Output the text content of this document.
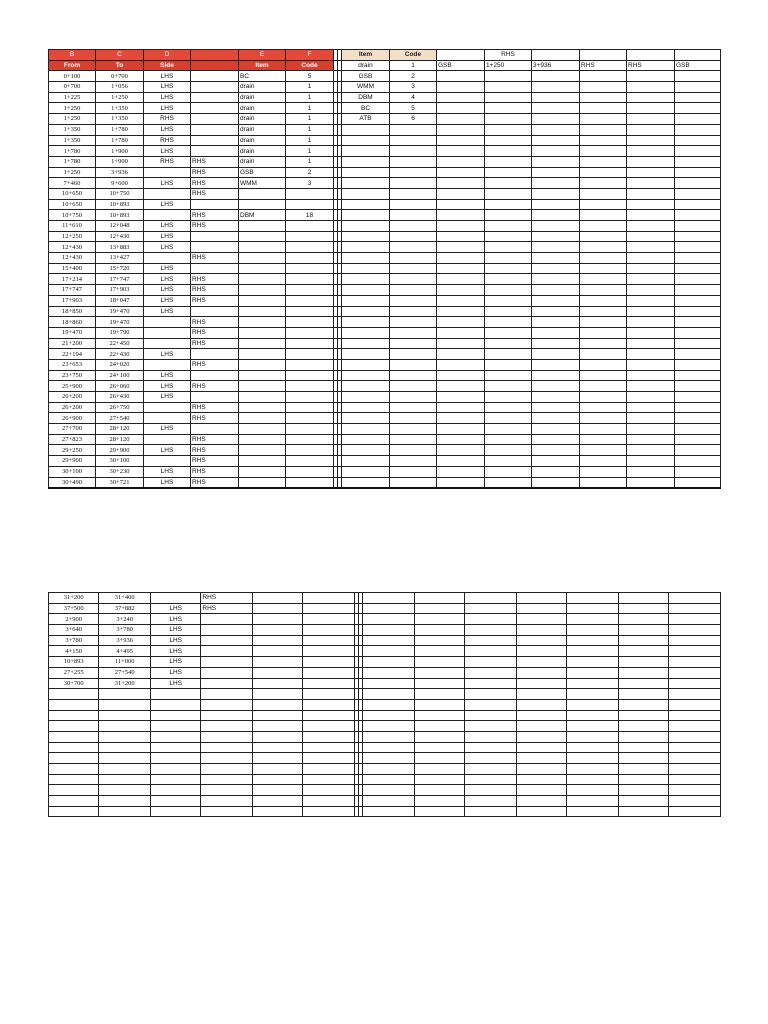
B	C	D		E	F			Item	Code		RHS				
From	To	Side		Item	Code			drain	1	GSB	1+250	3+936	RHS	RHS	GSB
0+100	0+700	LHS		BC	5			GSB	2						
0+700	1+056	LHS		drain	1			WMM	3						
1+225	1+250	LHS		drain	1			DBM	4						
1+250	1+350	LHS		drain	1			BC	5						
1+250	1+350	RHS		drain	1			ATB	6						
1+350	1+780	LHS		drain	1										
1+350	1+780	RHS		drain	1										
1+780	1+900	LHS		drain	1										
1+780	1+900	RHS	RHS	drain	1										
1+250	3+936		RHS	GSB	2										
7+460	9+600	LHS	RHS	WMM	3										
10+650	10+750		RHS												
10+650	10+893	LHS													
10+750	10+893		RHS	DBM	18										
11+610	12+048	LHS	RHS												
12+250	12+430	LHS													
12+430	13+883	LHS													
12+430	13+427		RHS												
15+400	15+720	LHS													
17+214	17+747	LHS	RHS												
17+747	17+903	LHS	RHS												
17+903	18+047	LHS	RHS												
18+850	19+470	LHS													
18+860	19+470		RHS												
19+470	19+790		RHS												
21+200	22+450		RHS												
22+194	22+430	LHS													
23+653	24+020		RHS												
23+750	24+100	LHS													
25+900	26+060	LHS	RHS												
26+200	26+430	LHS													
26+200	26+750		RHS												
26+900	27+540		RHS												
27+700	28+120	LHS													
27+823	28+120		RHS												
29+250	29+900	LHS	RHS												
29+900	30+100		RHS												
30+100	30+230	LHS	RHS												
30+490	30+721	LHS	RHS												
31+200	31+400		RHS											
37+500	37+882	LHS	RHS											
2+900	3+240	LHS												
3+640	3+780	LHS												
3+780	3+936	LHS												
4+150	4+495	LHS												
10+893	11+000	LHS												
27+255	27+540	LHS												
30+700	31+200	LHS												
